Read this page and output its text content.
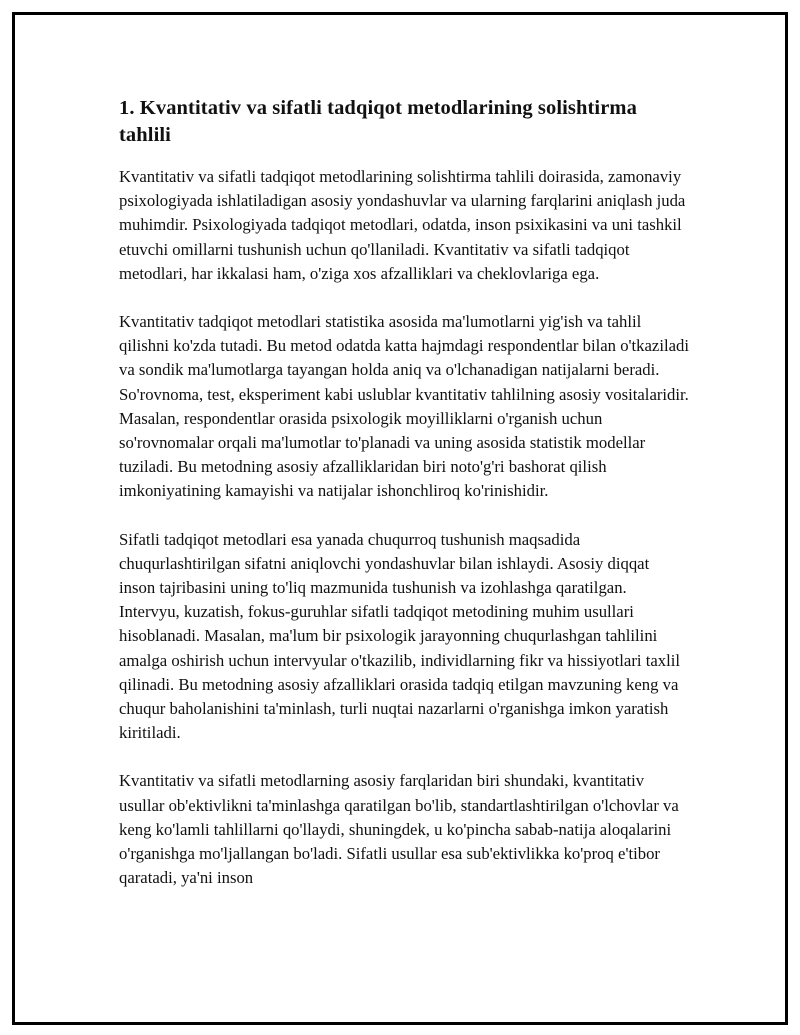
1. Kvantitativ va sifatli tadqiqot metodlarining solishtirma tahlili

Kvantitativ va sifatli tadqiqot metodlarining solishtirma tahlili doirasida, zamonaviy psixologiyada ishlatiladigan asosiy yondashuvlar va ularning farqlarini aniqlash juda muhimdir. Psixologiyada tadqiqot metodlari, odatda, inson psixikasini va uni tashkil etuvchi omillarni tushunish uchun qo'llaniladi. Kvantitativ va sifatli tadqiqot metodlari, har ikkalasi ham, o'ziga xos afzalliklari va cheklovlariga ega.

Kvantitativ tadqiqot metodlari statistika asosida ma'lumotlarni yig'ish va tahlil qilishni ko'zda tutadi. Bu metod odatda katta hajmdagi respondentlar bilan o'tkaziladi va sondik ma'lumotlarga tayangan holda aniq va o'lchanadigan natijalarni beradi. So'rovnoma, test, eksperiment kabi uslublar kvantitativ tahlilning asosiy vositalaridir. Masalan, respondentlar orasida psixologik moyilliklarni o'rganish uchun so'rovnomalar orqali ma'lumotlar to'planadi va uning asosida statistik modellar tuziladi. Bu metodning asosiy afzalliklaridan biri noto'g'ri bashorat qilish imkoniyatining kamayishi va natijalar ishonchliroq ko'rinishidir.

Sifatli tadqiqot metodlari esa yanada chuqurroq tushunish maqsadida chuqurlashtirilgan sifatni aniqlovchi yondashuvlar bilan ishlaydi. Asosiy diqqat inson tajribasini uning to'liq mazmunida tushunish va izohlashga qaratilgan. Intervyu, kuzatish, fokus-guruhlar sifatli tadqiqot metodining muhim usullari hisoblanadi. Masalan, ma'lum bir psixologik jarayonning chuqurlashgan tahlilini amalga oshirish uchun intervyular o'tkazilib, individlarning fikr va hissiyotlari taxlil qilinadi. Bu metodning asosiy afzalliklari orasida tadqiq etilgan mavzuning keng va chuqur baholanishini ta'minlash, turli nuqtai nazarlarni o'rganishga imkon yaratish kiritiladi.

Kvantitativ va sifatli metodlarning asosiy farqlaridan biri shundaki, kvantitativ usullar ob'ektivlikni ta'minlashga qaratilgan bo'lib, standartlashtirilgan o'lchovlar va keng ko'lamli tahlillarni qo'llaydi, shuningdek, u ko'pincha sabab-natija aloqalarini o'rganishga mo'ljallangan bo'ladi. Sifatli usullar esa sub'ektivlikka ko'proq e'tibor qaratadi, ya'ni inson
